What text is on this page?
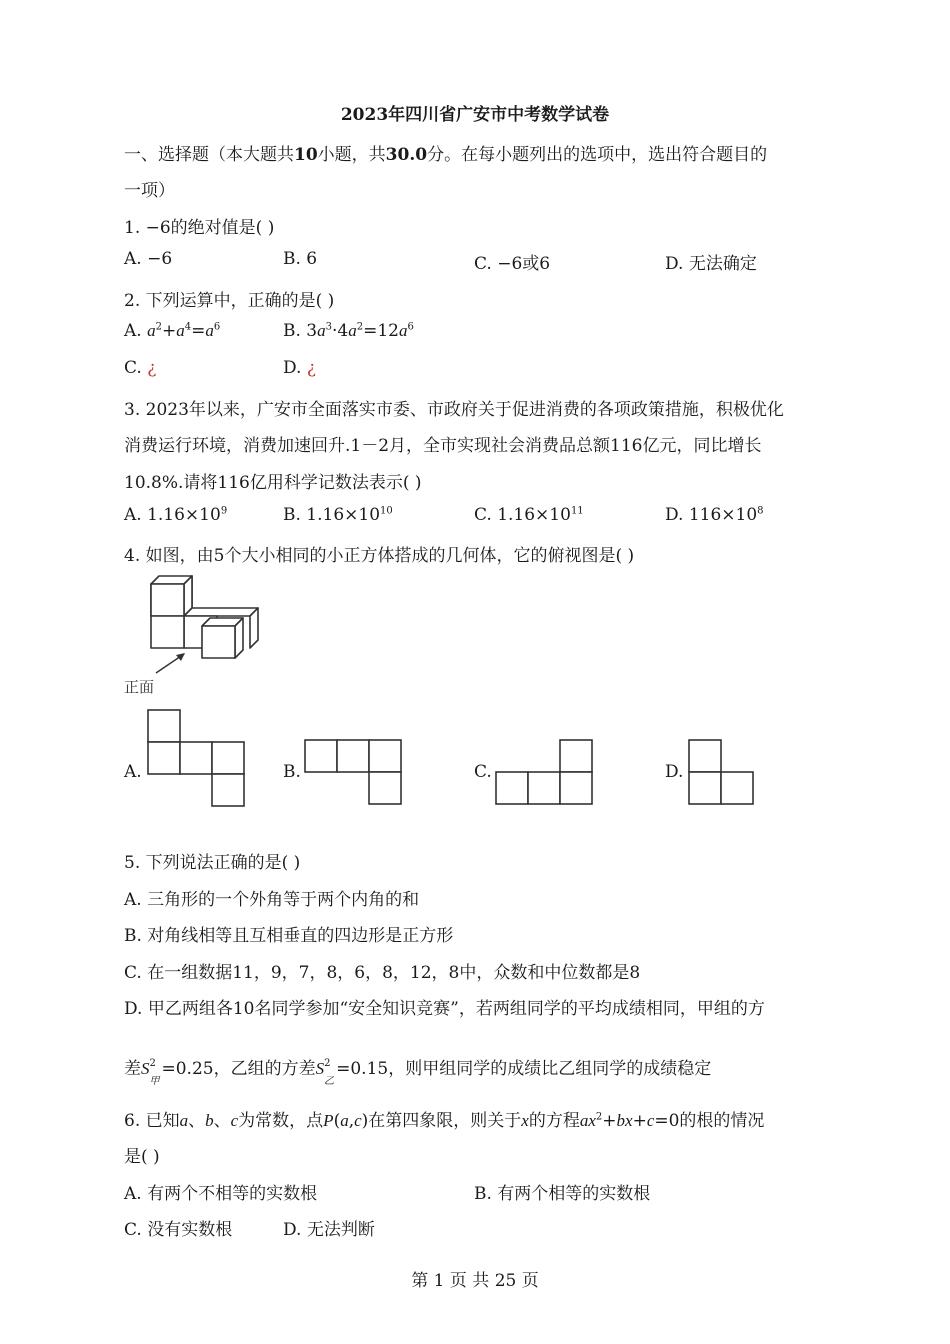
2023年四川省广安市中考数学试卷
一、选择题（本大题共10小题，共30.0分。在每小题列出的选项中，选出符合题目的
一项）
1. −6的绝对值是( )
A. −6	B. 6	C. −6或6	D. 无法确定
2. 下列运算中，正确的是( )
A. $a^2+a^4=a^6$	B. $3a^3\cdot 4a^2=12a^6$
C. ¿	D. ¿
3. 2023年以来，广安市全面落实市委、市政府关于促进消费的各项政策措施，积极优化
消费运行环境，消费加速回升.1－2月，全市实现社会消费品总额116亿元，同比增长
10.8%.请将116亿用科学记数法表示( )
A. $1.16\times 10^9$	B. $1.16\times 10^{10}$	C. $1.16\times 10^{11}$	D. $116\times 10^8$
4. 如图，由5个大小相同的小正方体搭成的几何体，它的俯视图是( )
正面
A.	B.	C.	D.
5. 下列说法正确的是( )
A. 三角形的一个外角等于两个内角的和
B. 对角线相等且互相垂直的四边形是正方形
C. 在一组数据11，9，7，8，6，8，12，8中，众数和中位数都是8
D. 甲乙两组各10名同学参加“安全知识竞赛”，若两组同学的平均成绩相同，甲组的方
差S 2
甲
=0.25，乙组的方差S 2
乙
=0.15，则甲组同学的成绩比乙组同学的成绩稳定
6. 已知a、b、c为常数，点P(a,c)在第四象限，则关于x的方程$ax^2+bx+c=0$的根的情况
是( )
A. 有两个不相等的实数根	B. 有两个相等的实数根
C. 没有实数根	D. 无法判断
第 1 页 共 25 页
